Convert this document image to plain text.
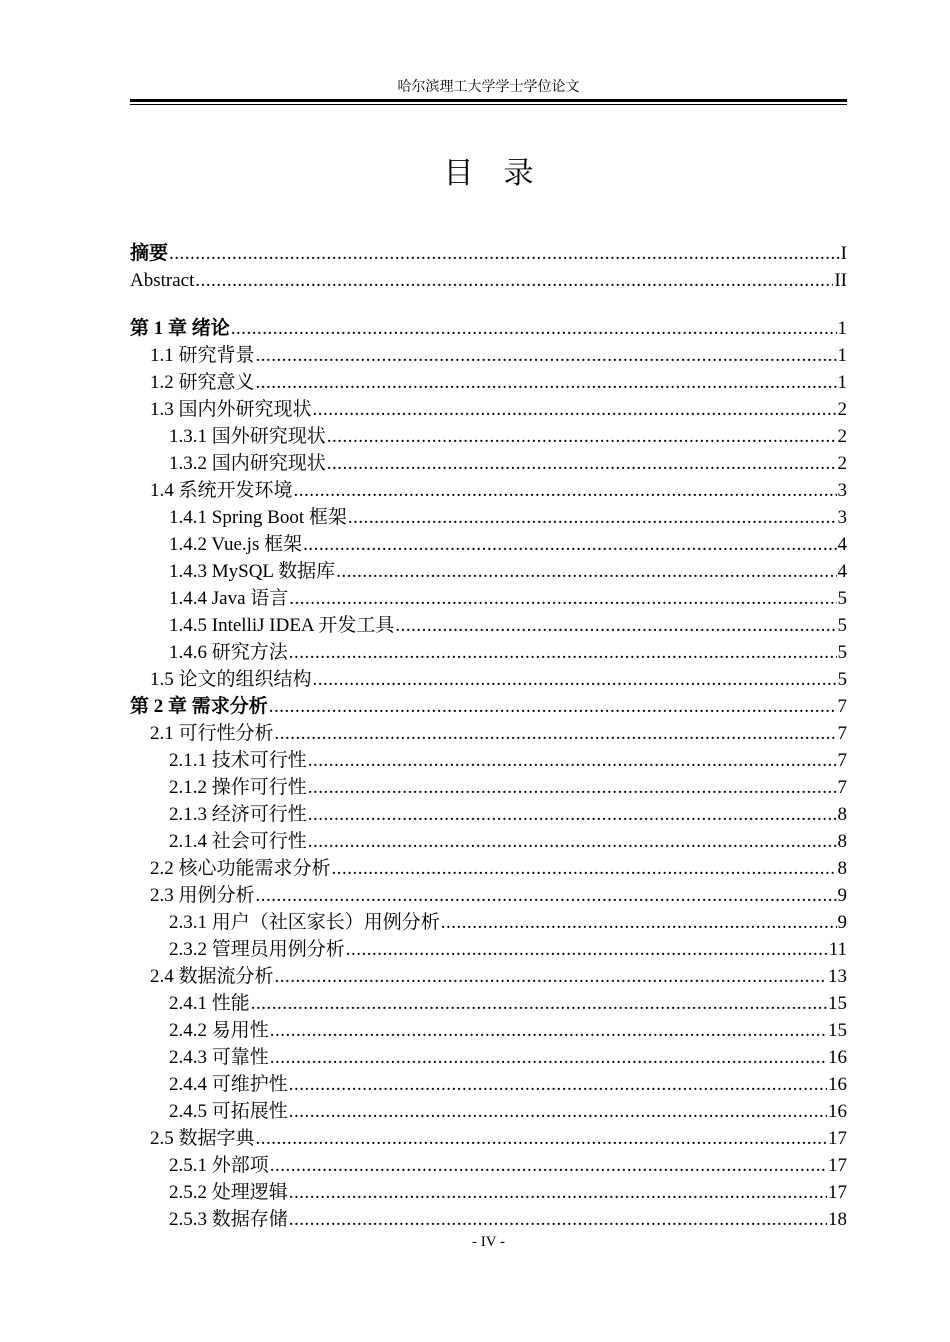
哈尔滨理工大学学士学位论文
目录
摘要 .....	I
Abstract .....	II
第 1 章 绪论 .....	1
1.1 研究背景 .....	1
1.2 研究意义 .....	1
1.3 国内外研究现状 .....	2
1.3.1 国外研究现状 .....	2
1.3.2 国内研究现状 .....	2
1.4 系统开发环境 .....	3
1.4.1 Spring Boot 框架 .....	3
1.4.2 Vue.js 框架 .....	4
1.4.3 MySQL 数据库 .....	4
1.4.4 Java 语言 .....	5
1.4.5 IntelliJ IDEA 开发工具 .....	5
1.4.6 研究方法 .....	5
1.5 论文的组织结构 .....	5
第 2 章 需求分析 .....	7
2.1 可行性分析 .....	7
2.1.1 技术可行性 .....	7
2.1.2 操作可行性 .....	7
2.1.3 经济可行性 .....	8
2.1.4 社会可行性 .....	8
2.2 核心功能需求分析 .....	8
2.3 用例分析 .....	9
2.3.1 用户（社区家长）用例分析 .....	9
2.3.2 管理员用例分析 .....	11
2.4 数据流分析 .....	13
2.4.1 性能 .....	15
2.4.2 易用性 .....	15
2.4.3 可靠性 .....	16
2.4.4 可维护性 .....	16
2.4.5 可拓展性 .....	16
2.5 数据字典 .....	17
2.5.1 外部项 .....	17
2.5.2 处理逻辑 .....	17
2.5.3 数据存储 .....	18
- IV -
